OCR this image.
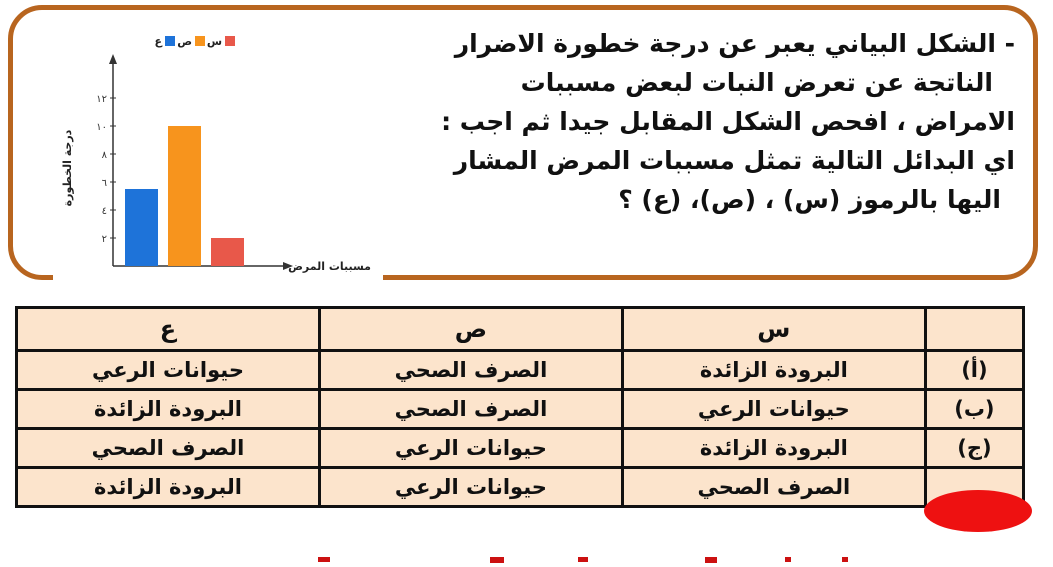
- الشكل البياني يعبر عن درجة خطورة الاضرار
الناتجة عن تعرض النبات لبعض مسببات
الامراض ، افحص الشكل المقابل جيدا ثم اجب :
اي البدائل التالية تمثل مسببات المرض المشار
اليها بالرموز (س) ، (ص)، (ع) ؟
٢
٤
٦
٨
١٠
١٢
درجة الخطورة
مسببات المرض
س
ص
ع
	س	ص	ع
(أ)	البرودة الزائدة	الصرف الصحي	حيوانات الرعي
(ب)	حيوانات الرعي	الصرف الصحي	البرودة الزائدة
(ج)	البرودة الزائدة	حيوانات الرعي	الصرف الصحي
	الصرف الصحي	حيوانات الرعي	البرودة الزائدة
